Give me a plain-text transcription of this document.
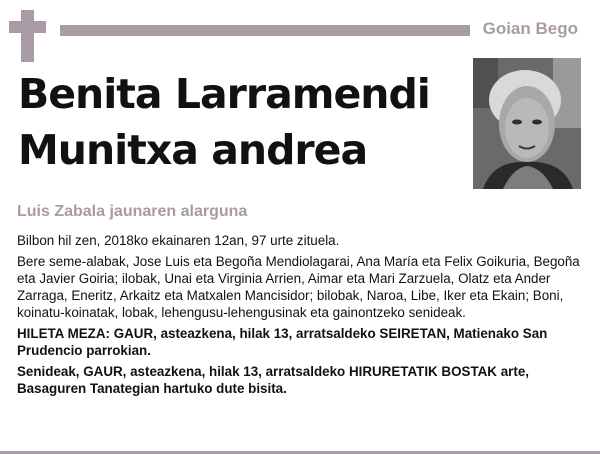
Goian Bego
Benita Larramendi
Munitxa andrea
Luis Zabala jaunaren alarguna

Bilbon hil zen, 2018ko ekainaren 12an, 97 urte zituela.

Bere seme-alabak, Jose Luis eta Begoña Mendiolagarai, Ana María eta Felix Goikuria, Begoña eta Javier Goiria; ilobak, Unai eta Virginia Arrien, Aimar eta Mari Zarzuela, Olatz eta Ander Zarraga, Eneritz, Arkaitz eta Matxalen Mancisidor; bilobak, Naroa, Libe, Iker eta Ekain; Boni, koinatu-koinatak, lobak, lehengusu-lehengusinak eta gainontzeko senideak.

HILETA MEZA: GAUR, asteazkena, hilak 13, arratsaldeko SEIRETAN, Matienako San Prudencio parrokian.

Senideak, GAUR, asteazkena, hilak 13, arratsaldeko HIRURETATIK BOSTAK arte, Basaguren Tanategian hartuko dute bisita.
